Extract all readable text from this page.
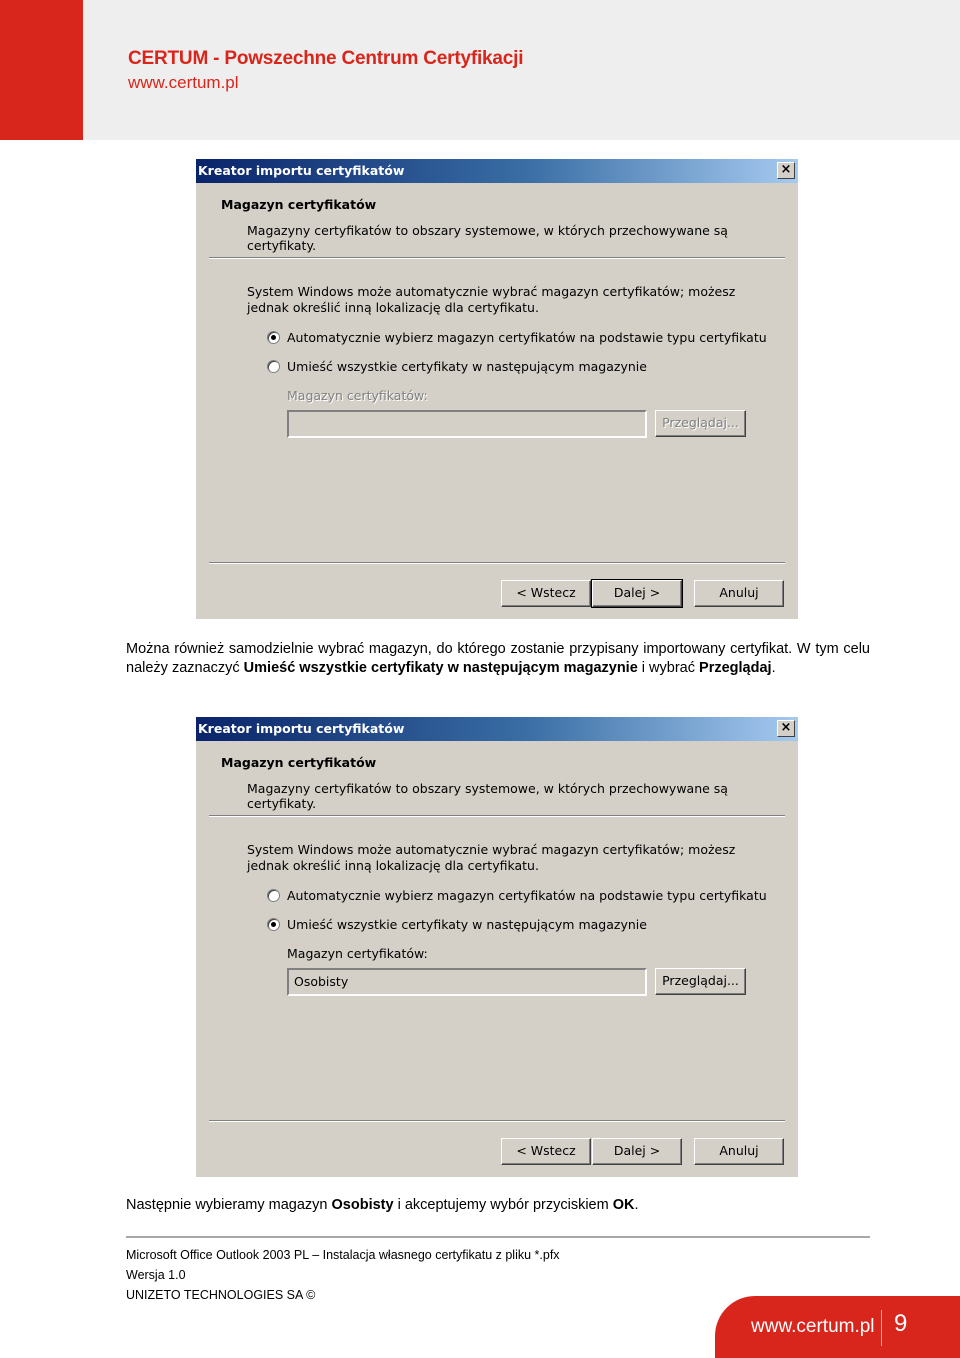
CERTUM - Powszechne Centrum Certyfikacji
www.certum.pl
Kreator importu certyfikatów	×
Magazyn certyfikatów
Magazyny certyfikatów to obszary systemowe, w których przechowywane są certyfikaty.
System Windows może automatycznie wybrać magazyn certyfikatów; możesz jednak określić inną lokalizację dla certyfikatu.
Automatycznie wybierz magazyn certyfikatów na podstawie typu certyfikatu
Umieść wszystkie certyfikaty w następującym magazynie
Magazyn certyfikatów:
Przeglądaj...
< Wstecz	Dalej >	Anuluj
Można również samodzielnie wybrać magazyn, do którego zostanie przypisany importowany certyfikat. W tym celu należy zaznaczyć Umieść wszystkie certyfikaty w następującym magazynie i wybrać Przeglądaj.
Kreator importu certyfikatów	×
Magazyn certyfikatów
Magazyny certyfikatów to obszary systemowe, w których przechowywane są certyfikaty.
System Windows może automatycznie wybrać magazyn certyfikatów; możesz jednak określić inną lokalizację dla certyfikatu.
Automatycznie wybierz magazyn certyfikatów na podstawie typu certyfikatu
Umieść wszystkie certyfikaty w następującym magazynie
Magazyn certyfikatów:
Osobisty	Przeglądaj...
< Wstecz	Dalej >	Anuluj
Następnie wybieramy magazyn Osobisty i akceptujemy wybór przyciskiem OK.
Microsoft Office Outlook 2003 PL – Instalacja własnego certyfikatu z pliku *.pfx
Wersja 1.0
UNIZETO TECHNOLOGIES SA ©
www.certum.pl 9
